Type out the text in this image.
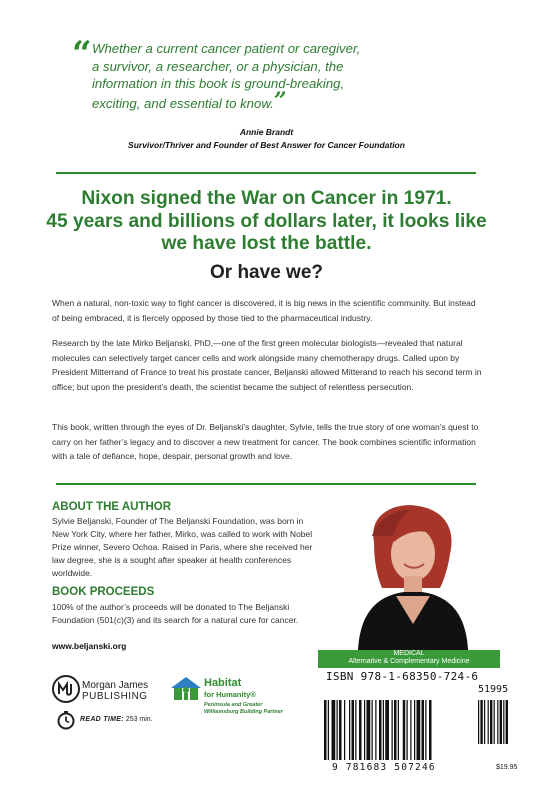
“ Whether a current cancer patient or caregiver,
a survivor, a researcher, or a physician, the
information in this book is ground-breaking,
exciting, and essential to know.”

Annie Brandt
Survivor/Thriver and Founder of Best Answer for Cancer Foundation
Nixon signed the War on Cancer in 1971.
45 years and billions of dollars later, it looks like
we have lost the battle.
Or have we?

When a natural, non-toxic way to fight cancer is discovered, it is big news in the scientific community. But instead of being embraced, it is fiercely opposed by those tied to the pharmaceutical industry.

Research by the late Mirko Beljanski, PhD,—one of the first green molecular biologists—revealed that natural molecules can selectively target cancer cells and work alongside many chemotherapy drugs. Called upon by President Mitterrand of France to treat his prostate cancer, Beljanski allowed Mitterand to reach his second term in office; but upon the president’s death, the scientist became the subject of relentless persecution.

This book, written through the eyes of Dr. Beljanski’s daughter, Sylvie, tells the true story of one woman’s quest to carry on her father’s legacy and to discover a new treatment for cancer. The book combines scientific information with a tale of defiance, hope, despair, personal growth and love.

ABOUT THE AUTHOR

Sylvie Beljanski, Founder of The Beljanski Foundation, was born in New York City, where her father, Mirko, was called to work with Nobel Prize winner, Severo Ochoa. Raised in Paris, where she received her law degree, she is a sought after speaker at health conferences worldwide.

BOOK PROCEEDS

100% of the author’s proceeds will be donated to The Beljanski Foundation (501(c)(3) and its search for a natural cure for cancer.

www.beljanski.org
MEDICAL
Alternative & Complementary Medicine
ISBN 978-1-68350-724-6
51995
9 781683 507246	$19.95
Morgan James
PUBLISHING
Habitat
for Humanity®
Peninsula and Greater
Williamsburg Building Partner
READ TIME: 253 min.
